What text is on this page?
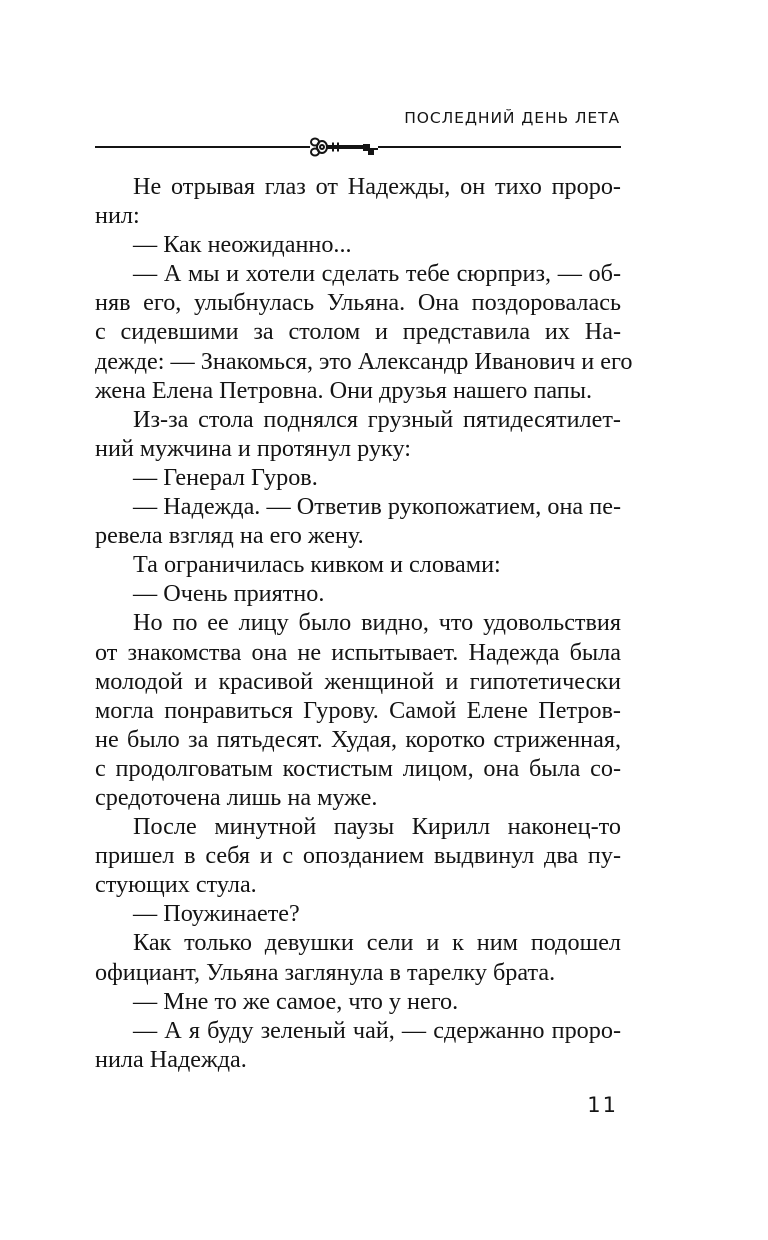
ПОСЛЕДНИЙ ДЕНЬ ЛЕТА
Не отрывая глаз от Надежды, он тихо проро-
нил:
— Как неожиданно...
— А мы и хотели сделать тебе сюрприз, — об-
няв его, улыбнулась Ульяна. Она поздоровалась
с сидевшими за столом и представила их На-
дежде: — Знакомься, это Александр Иванович и его
жена Елена Петровна. Они друзья нашего папы.
Из-за стола поднялся грузный пятидесятилет-
ний мужчина и протянул руку:
— Генерал Гуров.
— Надежда. — Ответив рукопожатием, она пе-
ревела взгляд на его жену.
Та ограничилась кивком и словами:
— Очень приятно.
Но по ее лицу было видно, что удовольствия
от знакомства она не испытывает. Надежда была
молодой и красивой женщиной и гипотетически
могла понравиться Гурову. Самой Елене Петров-
не было за пятьдесят. Худая, коротко стриженная,
с продолговатым костистым лицом, она была со-
средоточена лишь на муже.
После минутной паузы Кирилл наконец-то
пришел в себя и с опозданием выдвинул два пу-
стующих стула.
— Поужинаете?
Как только девушки сели и к ним подошел
официант, Ульяна заглянула в тарелку брата.
— Мне то же самое, что у него.
— А я буду зеленый чай, — сдержанно проро-
нила Надежда.
11
